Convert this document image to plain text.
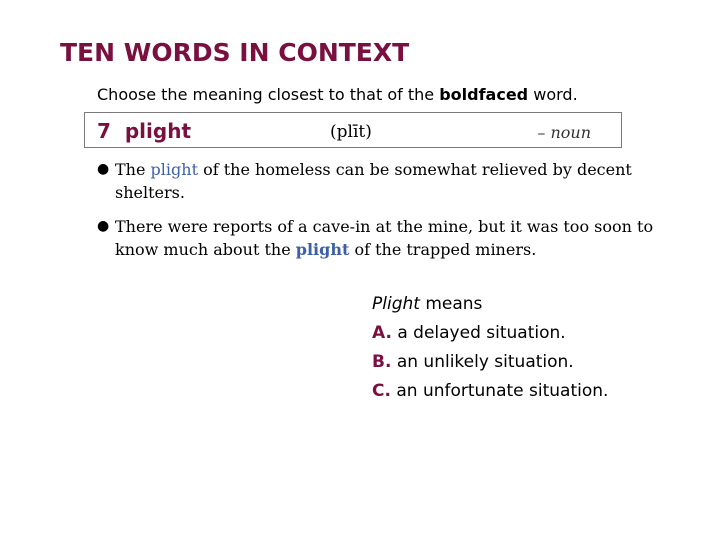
TEN WORDS IN CONTEXT
Choose the meaning closest to that of the boldfaced word.
7 plight	(plīt)	– noun
● The plight of the homeless can be somewhat relieved by decent shelters.
● There were reports of a cave-in at the mine, but it was too soon to know much about the plight of the trapped miners.
Plight means
A. a delayed situation.
B. an unlikely situation.
C. an unfortunate situation.
